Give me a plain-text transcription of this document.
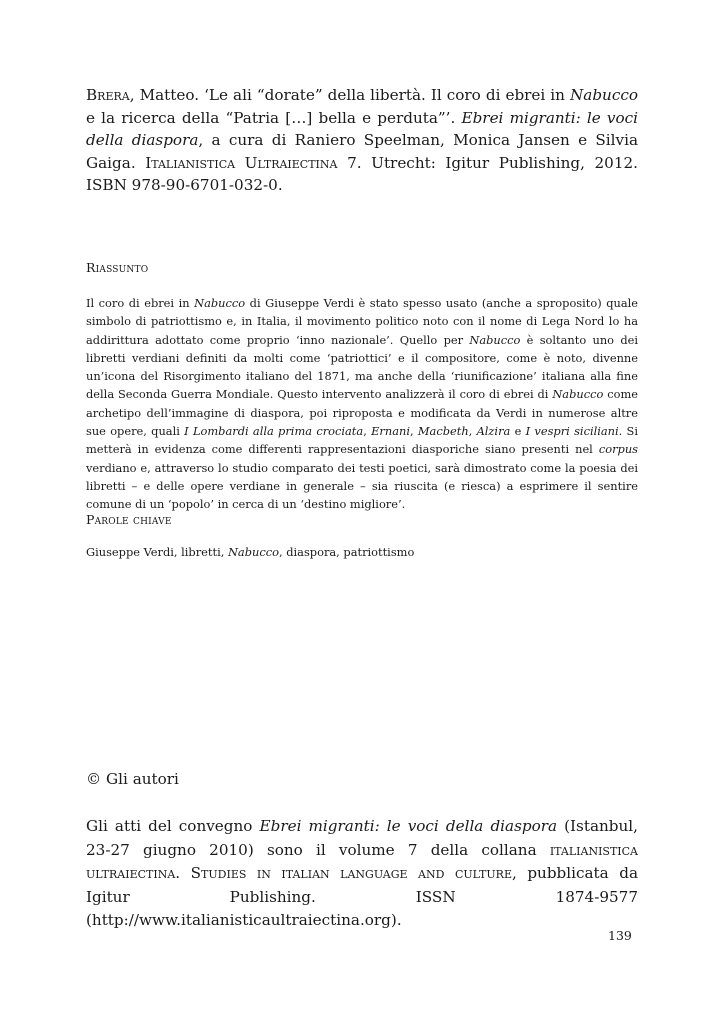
Brera, Matteo. ‘Le ali “dorate” della libertà. Il coro di ebrei in Nabucco e la ricerca della “Patria […] bella e perduta”’. Ebrei migranti: le voci della diaspora, a cura di Raniero Speelman, Monica Jansen e Silvia Gaiga. Italianistica Ultraiectina 7. Utrecht: Igitur Publishing, 2012. ISBN 978-90-6701-032-0.

Riassunto

Il coro di ebrei in Nabucco di Giuseppe Verdi è stato spesso usato (anche a sproposito) quale simbolo di patriottismo e, in Italia, il movimento politico noto con il nome di Lega Nord lo ha addirittura adottato come proprio ‘inno nazionale’. Quello per Nabucco è soltanto uno dei libretti verdiani definiti da molti come ‘patriottici’ e il compositore, come è noto, divenne un’icona del Risorgimento italiano del 1871, ma anche della ‘riunificazione’ italiana alla fine della Seconda Guerra Mondiale. Questo intervento analizzerà il coro di ebrei di Nabucco come archetipo dell’immagine di diaspora, poi riproposta e modificata da Verdi in numerose altre sue opere, quali I Lombardi alla prima crociata, Ernani, Macbeth, Alzira e I vespri siciliani. Si metterà in evidenza come differenti rappresentazioni diasporiche siano presenti nel corpus verdiano e, attraverso lo studio comparato dei testi poetici, sarà dimostrato come la poesia dei libretti – e delle opere verdiane in generale – sia riuscita (e riesca) a esprimere il sentire comune di un ‘popolo’ in cerca di un ‘destino migliore’.

Parole chiave

Giuseppe Verdi, libretti, Nabucco, diaspora, patriottismo

© Gli autori

Gli atti del convegno Ebrei migranti: le voci della diaspora (Istanbul, 23-27 giugno 2010) sono il volume 7 della collana italianistica ultraiectina. Studies in italian language and culture, pubblicata da Igitur Publishing. ISSN 1874-9577 (http://www.italianisticaultraiectina.org).

139
